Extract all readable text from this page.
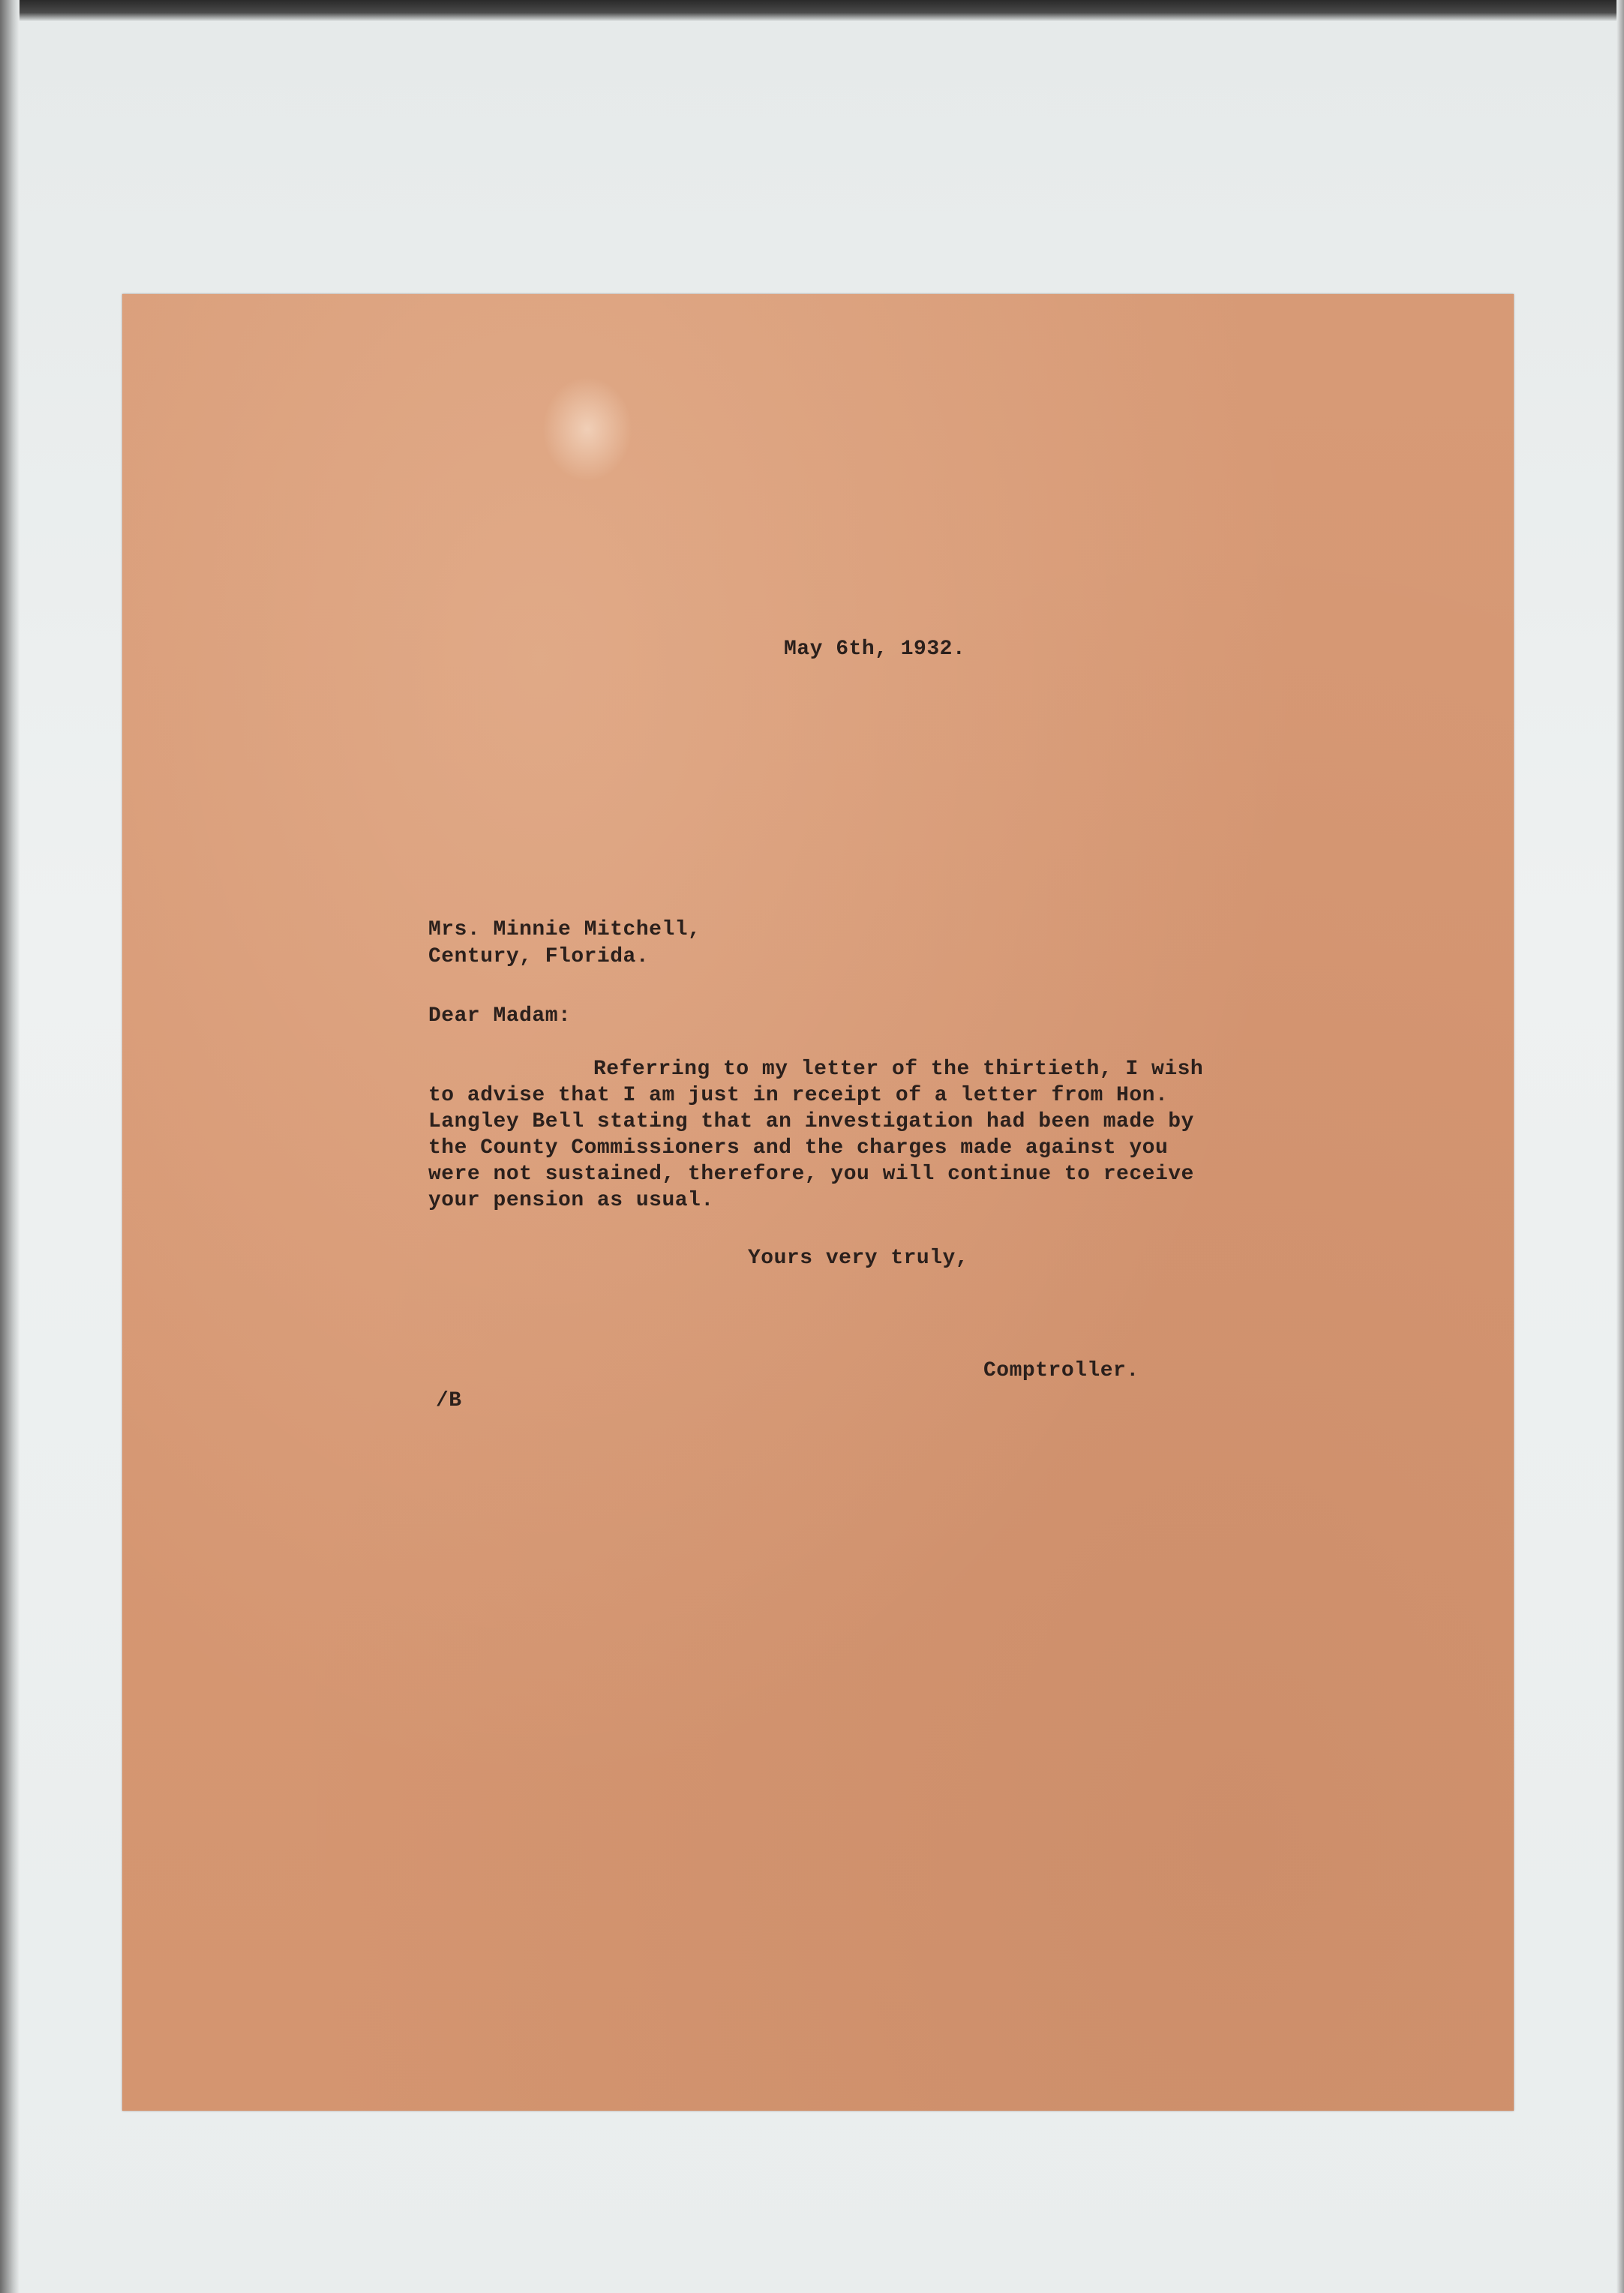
May 6th, 1932.
Mrs. Minnie Mitchell,
Century, Florida.
Dear Madam:
Referring to my letter of the thirtieth, I wish
to advise that I am just in receipt of a letter from Hon.
Langley Bell stating that an investigation had been made by
the County Commissioners and the charges made against you
were not sustained, therefore, you will continue to receive
your pension as usual.
Yours very truly,
Comptroller.
/B
